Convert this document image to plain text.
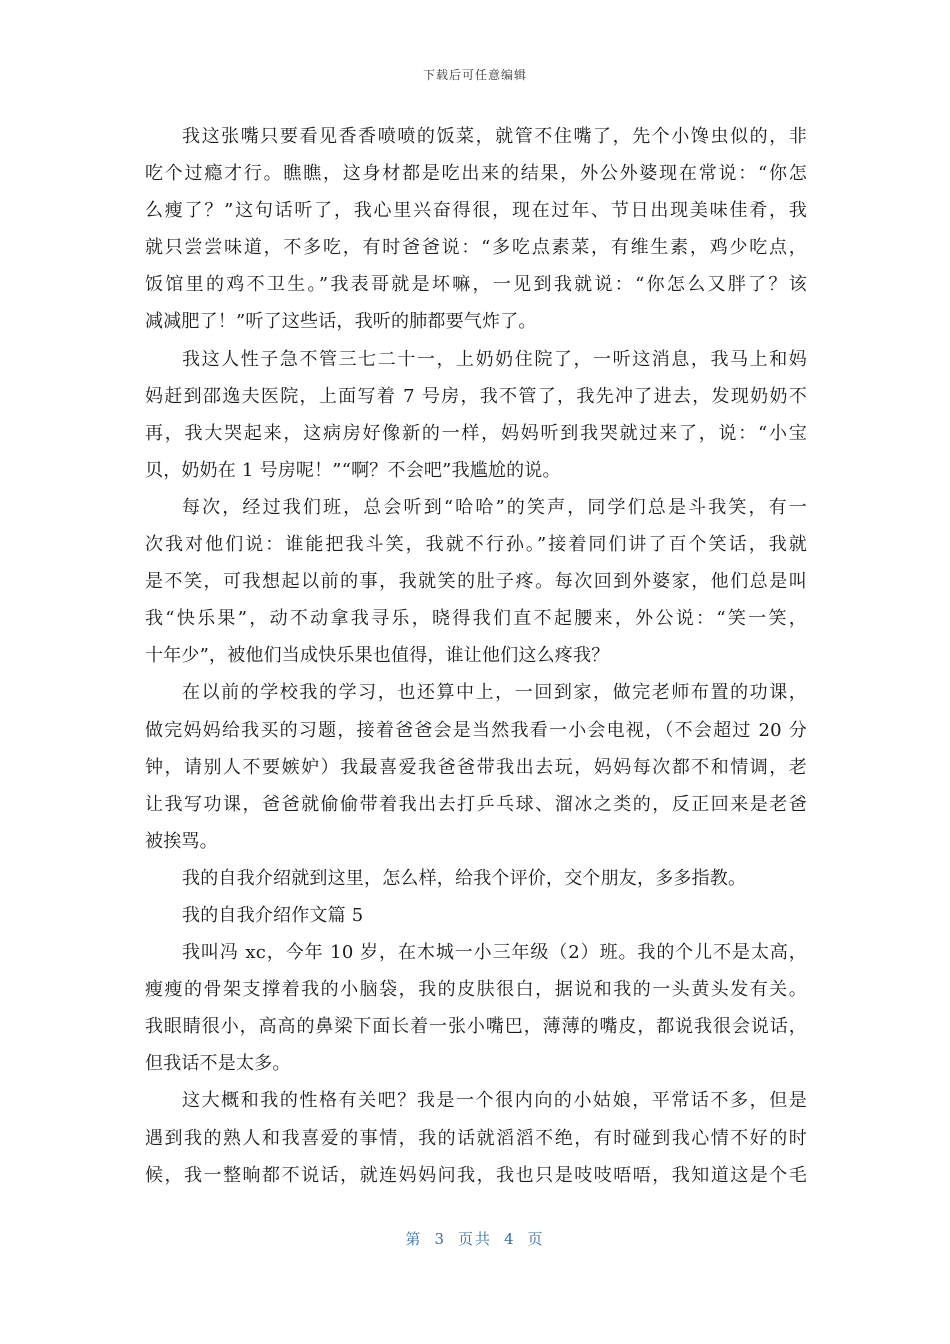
下载后可任意编辑
我这张嘴只要看见香香喷喷的饭菜，就管不住嘴了，先个小馋虫似的，非
吃个过瘾才行。瞧瞧，这身材都是吃出来的结果，外公外婆现在常说：“你怎
么瘦了？”这句话听了，我心里兴奋得很，现在过年、节日出现美味佳肴，我
就只尝尝味道，不多吃，有时爸爸说：“多吃点素菜，有维生素，鸡少吃点，
饭馆里的鸡不卫生。”我表哥就是坏嘛，一见到我就说：“你怎么又胖了？该
减减肥了！”听了这些话，我听的肺都要气炸了。
我这人性子急不管三七二十一，上奶奶住院了，一听这消息，我马上和妈
妈赶到邵逸夫医院，上面写着 7 号房，我不管了，我先冲了进去，发现奶奶不
再，我大哭起来，这病房好像新的一样，妈妈听到我哭就过来了，说：“小宝
贝，奶奶在 1 号房呢！”“啊？不会吧”我尴尬的说。
每次，经过我们班，总会听到“哈哈”的笑声，同学们总是斗我笑，有一
次我对他们说：谁能把我斗笑，我就不行孙。”接着同们讲了百个笑话，我就
是不笑，可我想起以前的事，我就笑的肚子疼。每次回到外婆家，他们总是叫
我“快乐果”，动不动拿我寻乐，晓得我们直不起腰来，外公说：“笑一笑，
十年少”，被他们当成快乐果也值得，谁让他们这么疼我？
在以前的学校我的学习，也还算中上，一回到家，做完老师布置的功课，
做完妈妈给我买的习题，接着爸爸会是当然我看一小会电视，（不会超过 20 分
钟，请别人不要嫉妒）我最喜爱我爸爸带我出去玩，妈妈每次都不和情调，老
让我写功课，爸爸就偷偷带着我出去打乒乓球、溜冰之类的，反正回来是老爸
被挨骂。
我的自我介绍就到这里，怎么样，给我个评价，交个朋友，多多指教。
我的自我介绍作文篇 5
我叫冯 xc，今年 10 岁，在木城一小三年级（2）班。我的个儿不是太高，
瘦瘦的骨架支撑着我的小脑袋，我的皮肤很白，据说和我的一头黄头发有关。
我眼睛很小，高高的鼻梁下面长着一张小嘴巴，薄薄的嘴皮，都说我很会说话，
但我话不是太多。
这大概和我的性格有关吧？我是一个很内向的小姑娘，平常话不多，但是
遇到我的熟人和我喜爱的事情，我的话就滔滔不绝，有时碰到我心情不好的时
候，我一整晌都不说话，就连妈妈问我，我也只是吱吱唔唔，我知道这是个毛
第 3 页共 4 页
